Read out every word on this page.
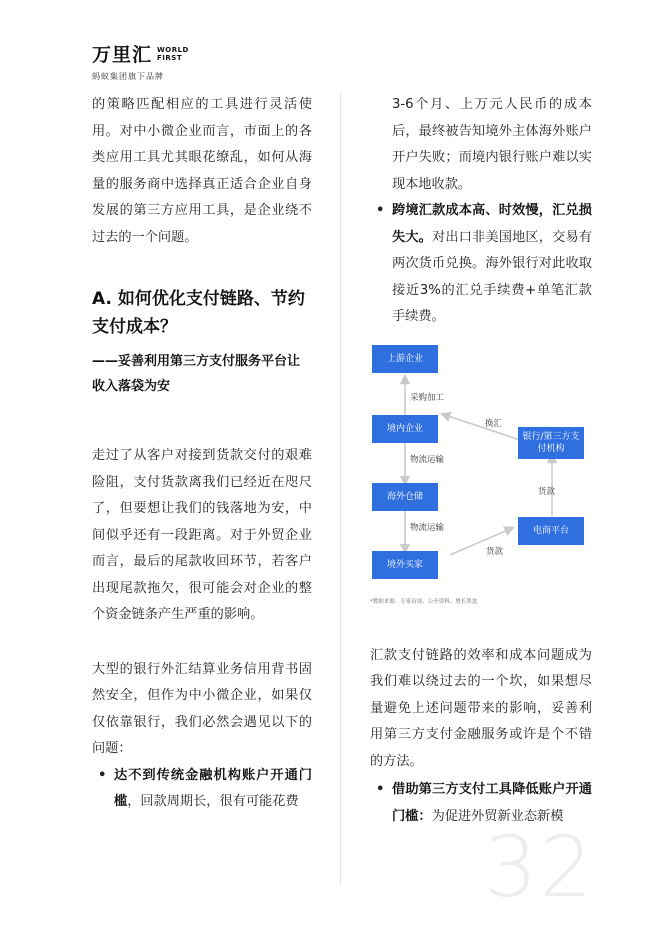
万里汇 WORLD
FIRST
蚂蚁集团旗下品牌

的策略匹配相应的工具进行灵活使用。对中小微企业而言，市面上的各类应用工具尤其眼花缭乱，如何从海量的服务商中选择真正适合企业自身发展的第三方应用工具，是企业绕不过去的一个问题。

A. 如何优化支付链路、节约支付成本？
——妥善利用第三方支付服务平台让收入落袋为安

走过了从客户对接到货款交付的艰难险阻，支付货款离我们已经近在咫尺了，但要想让我们的钱落地为安，中间似乎还有一段距离。对于外贸企业而言，最后的尾款收回环节，若客户出现尾款拖欠，很可能会对企业的整个资金链条产生严重的影响。

大型的银行外汇结算业务信用背书固然安全，但作为中小微企业，如果仅仅依靠银行，我们必然会遇见以下的问题：

• 达不到传统金融机构账户开通门槛，回款周期长，很有可能花费

3-6个月、上万元人民币的成本后，最终被告知境外主体海外账户开户失败；而境内银行账户难以实现本地收款。

• 跨境汇款成本高、时效慢，汇兑损失大。对出口非美国地区，交易有两次货币兑换。海外银行对此收取接近3%的汇兑手续费+单笔汇款手续费。
上游企业
境内企业
海外仓储
境外买家
银行/第三方支付机构
电商平台
采购加工
物流运输
物流运输
换汇
货款
货款
*数据来源：专家访谈、公开资料、增长黑盒

汇款支付链路的效率和成本问题成为我们难以绕过去的一个坎，如果想尽量避免上述问题带来的影响，妥善利用第三方支付金融服务或许是个不错的方法。

• 借助第三方支付工具降低账户开通门槛：为促进外贸新业态新模
32
